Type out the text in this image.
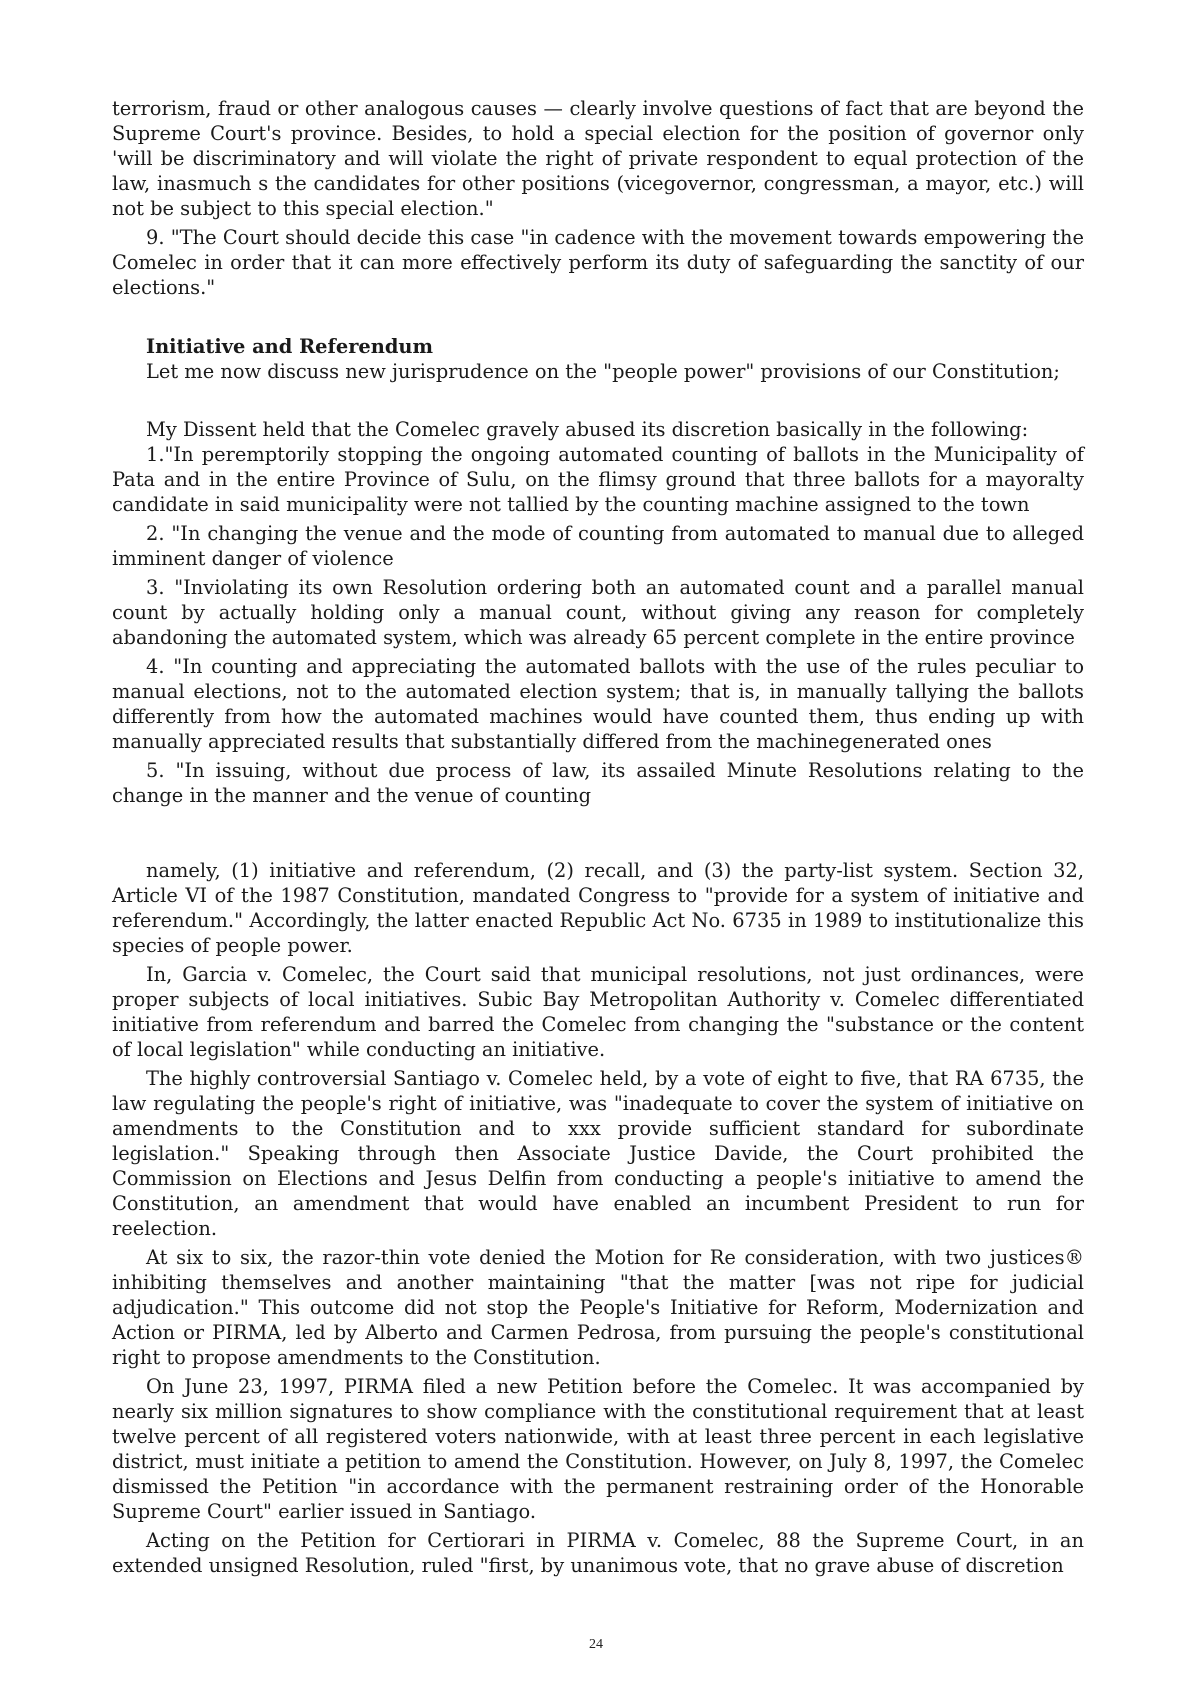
terrorism, fraud or other analogous causes — clearly involve questions of fact that are beyond the Supreme Court's province. Besides, to hold a special election for the position of governor only 'will be discriminatory and will violate the right of private respondent to equal protection of the law, inasmuch s the candidates for other positions (vicegovernor, congressman, a mayor, etc.) will not be subject to this special election."

9. "The Court should decide this case "in cadence with the movement towards empowering the Comelec in order that it can more effectively perform its duty of safeguarding the sanctity of our elections."

Initiative and Referendum

Let me now discuss new jurisprudence on the "people power" provisions of our Constitution;

My Dissent held that the Comelec gravely abused its discretion basically in the following:

1."In peremptorily stopping the ongoing automated counting of ballots in the Municipality of Pata and in the entire Province of Sulu, on the flimsy ground that three ballots for a mayoralty candidate in said municipality were not tallied by the counting machine assigned to the town

2. "In changing the venue and the mode of counting from automated to manual due to alleged imminent danger of violence

3. "Inviolating its own Resolution ordering both an automated count and a parallel manual count by actually holding only a manual count, without giving any reason for completely abandoning the automated system, which was already 65 percent complete in the entire province

4. "In counting and appreciating the automated ballots with the use of the rules peculiar to manual elections, not to the automated election system; that is, in manually tallying the ballots differently from how the automated machines would have counted them, thus ending up with manually appreciated results that substantially differed from the machinegenerated ones

5. "In issuing, without due process of law, its assailed Minute Resolutions relating to the change in the manner and the venue of counting

namely, (1) initiative and referendum, (2) recall, and (3) the party-list system. Section 32, Article VI of the 1987 Constitution, mandated Congress to "provide for a system of initiative and referendum." Accordingly, the latter enacted Republic Act No. 6735 in 1989 to institutionalize this species of people power.

In, Garcia v. Comelec, the Court said that municipal resolutions, not just ordinances, were proper subjects of local initiatives. Subic Bay Metropolitan Authority v. Comelec differentiated initiative from referendum and barred the Comelec from changing the "substance or the content of local legislation" while conducting an initiative.

The highly controversial Santiago v. Comelec held, by a vote of eight to five, that RA 6735, the law regulating the people's right of initiative, was "inadequate to cover the system of initiative on amendments to the Constitution and to xxx provide sufficient standard for subordinate legislation." Speaking through then Associate Justice Davide, the Court prohibited the Commission on Elections and Jesus Delfin from conducting a people's initiative to amend the Constitution, an amendment that would have enabled an incumbent President to run for reelection.

At six to six, the razor-thin vote denied the Motion for Re consideration, with two justices® inhibiting themselves and another maintaining "that the matter [was not ripe for judicial adjudication." This outcome did not stop the People's Initiative for Reform, Modernization and Action or PIRMA, led by Alberto and Carmen Pedrosa, from pursuing the people's constitutional right to propose amendments to the Constitution.

On June 23, 1997, PIRMA filed a new Petition before the Comelec. It was accompanied by nearly six million signatures to show compliance with the constitutional requirement that at least twelve percent of all registered voters nationwide, with at least three percent in each legislative district, must initiate a petition to amend the Constitution. However, on July 8, 1997, the Comelec dismissed the Petition "in accordance with the permanent restraining order of the Honorable Supreme Court" earlier issued in Santiago.

Acting on the Petition for Certiorari in PIRMA v. Comelec, 88 the Supreme Court, in an extended unsigned Resolution, ruled "first, by unanimous vote, that no grave abuse of discretion

24
